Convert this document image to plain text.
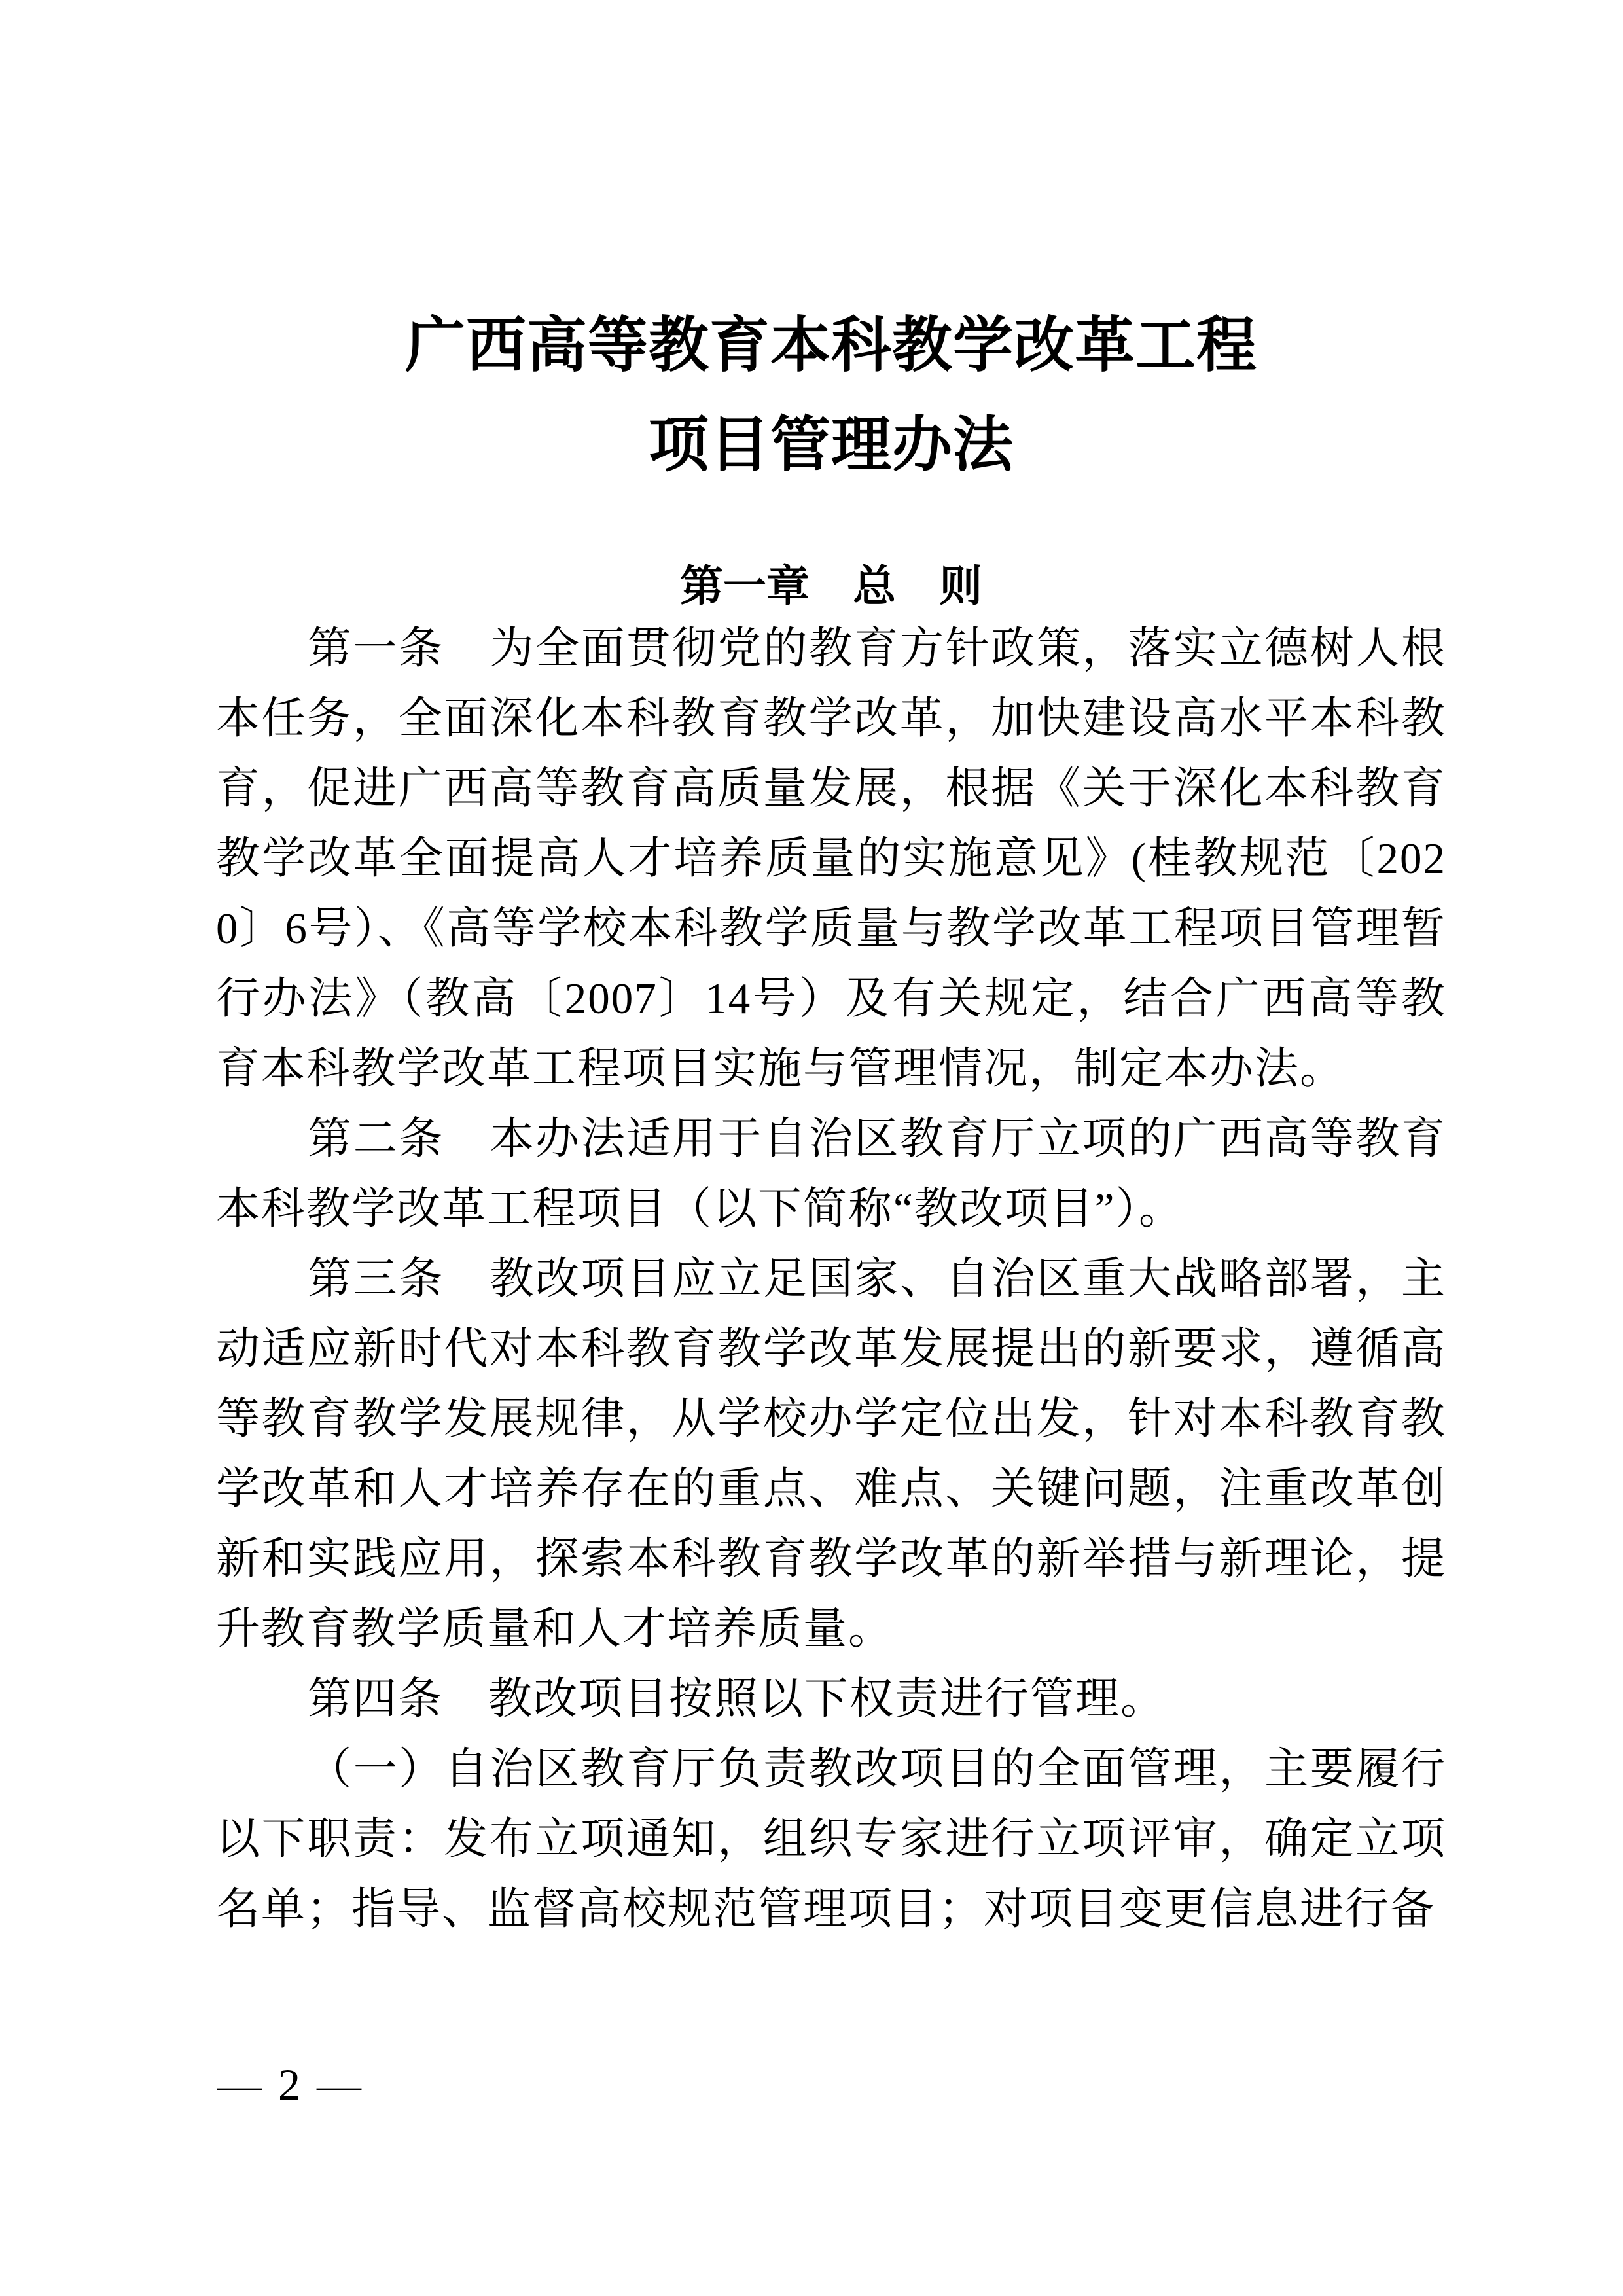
广西高等教育本科教学改革工程
项目管理办法
第一章　总　则

第一条　为全面贯彻党的教育方针政策，落实立德树人根本任务，全面深化本科教育教学改革，加快建设高水平本科教育，促进广西高等教育高质量发展，根据《关于深化本科教育教学改革全面提高人才培养质量的实施意见》(桂教规范〔2020〕6号）、《高等学校本科教学质量与教学改革工程项目管理暂行办法》（教高〔2007〕14号）及有关规定，结合广西高等教育本科教学改革工程项目实施与管理情况，制定本办法。

第二条　本办法适用于自治区教育厅立项的广西高等教育本科教学改革工程项目（以下简称“教改项目”）。

第三条　教改项目应立足国家、自治区重大战略部署，主动适应新时代对本科教育教学改革发展提出的新要求，遵循高等教育教学发展规律，从学校办学定位出发，针对本科教育教学改革和人才培养存在的重点、难点、关键问题，注重改革创新和实践应用，探索本科教育教学改革的新举措与新理论，提升教育教学质量和人才培养质量。

第四条　教改项目按照以下权责进行管理。

（一）自治区教育厅负责教改项目的全面管理，主要履行以下职责：发布立项通知，组织专家进行立项评审，确定立项名单；指导、监督高校规范管理项目；对项目变更信息进行备

— 2 —
